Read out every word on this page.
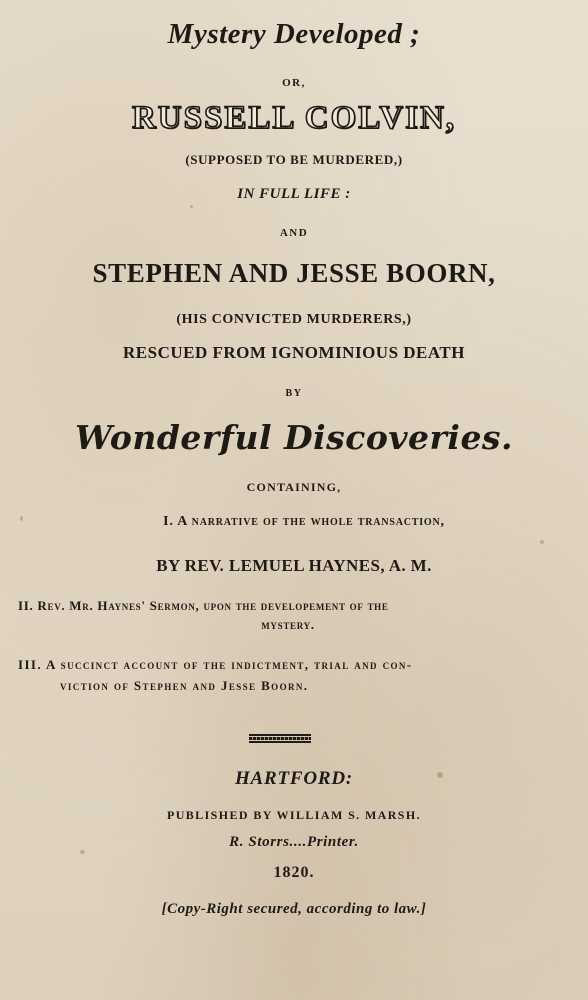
Mystery Developed ;
OR,
RUSSELL COLVIN,
(SUPPOSED TO BE MURDERED,)
IN FULL LIFE :
AND
STEPHEN AND JESSE BOORN,
(HIS CONVICTED MURDERERS,)
RESCUED FROM IGNOMINIOUS DEATH
BY
Wonderful Discoveries.
CONTAINING,
I. A narrative of the whole transaction,
BY REV. LEMUEL HAYNES, A. M.
II. Rev. Mr. Haynes' Sermon, upon the developement of the
mystery.
III. A succinct account of the indictment, trial and con-
viction of Stephen and Jesse Boorn.
HARTFORD:
PUBLISHED BY WILLIAM S. MARSH.
R. Storrs....Printer.
1820.
[Copy-Right secured, according to law.]
